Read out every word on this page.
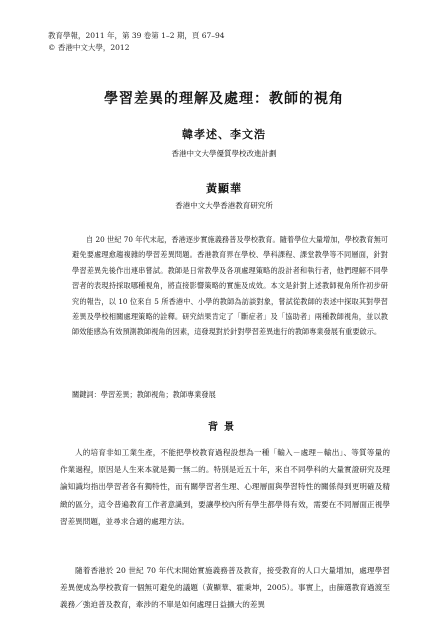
教育學報，2011 年，第 39 卷第 1–2 期，頁 67–94
© 香港中文大學，2012
學習差異的理解及處理：教師的視角
韓孝述、李文浩
香港中文大學優質學校改進計劃
黃顯華
香港中文大學香港教育研究所
自 20 世紀 70 年代末起，香港逐步實施義務普及學校教育。隨着學位大量增加，學校教育無可避免要處理愈趨複雜的學習差異問題。香港教育界在學校、學科課程、課堂教學等不同層面，針對學習差異先後作出連串嘗試。教師是日常教學及各項處理策略的設計者和執行者，他們理解不同學習者的表現持採取哪種視角，將直接影響策略的實施及成效。本文是針對上述教師視角所作初步研究的報告，以 10 位來自 5 所香港中、小學的教師為訪談對象，嘗試從教師的表述中探取其對學習差異及學校相關處理策略的詮釋。研究結果肯定了「斷症者」及「協助者」兩種教師視角，並以教師效能感為有效預測教師視角的因素，這發現對於針對學習差異進行的教師專業發展有重要啟示。
關鍵詞：學習差異；教師視角；教師專業發展
背景
人的培育非如工業生產，不能把學校教育過程設想為一種「輸入－處理－輸出」、等質等量的作業過程，原因是人生來本就是獨一無二的。特別是近五十年，來自不同學科的大量實證研究及理論知識均指出學習者各有獨特性，而有關學習者生理、心理層面與學習特性的關係得到更明確及精緻的區分，這令普遍教育工作者意識到，要讓學校內所有學生都學得有效，需要在不同層面正視學習差異問題，並尋求合適的處理方法。
隨着香港於 20 世紀 70 年代末開始實施義務普及教育，接受教育的人口大量增加，處理學習差異便成為學校教育一個無可避免的議題（黃顯華、霍秉坤，2005）。事實上，由篩選教育過渡至義務／強迫普及教育，牽涉的不單是如何處理日益擴大的差異
